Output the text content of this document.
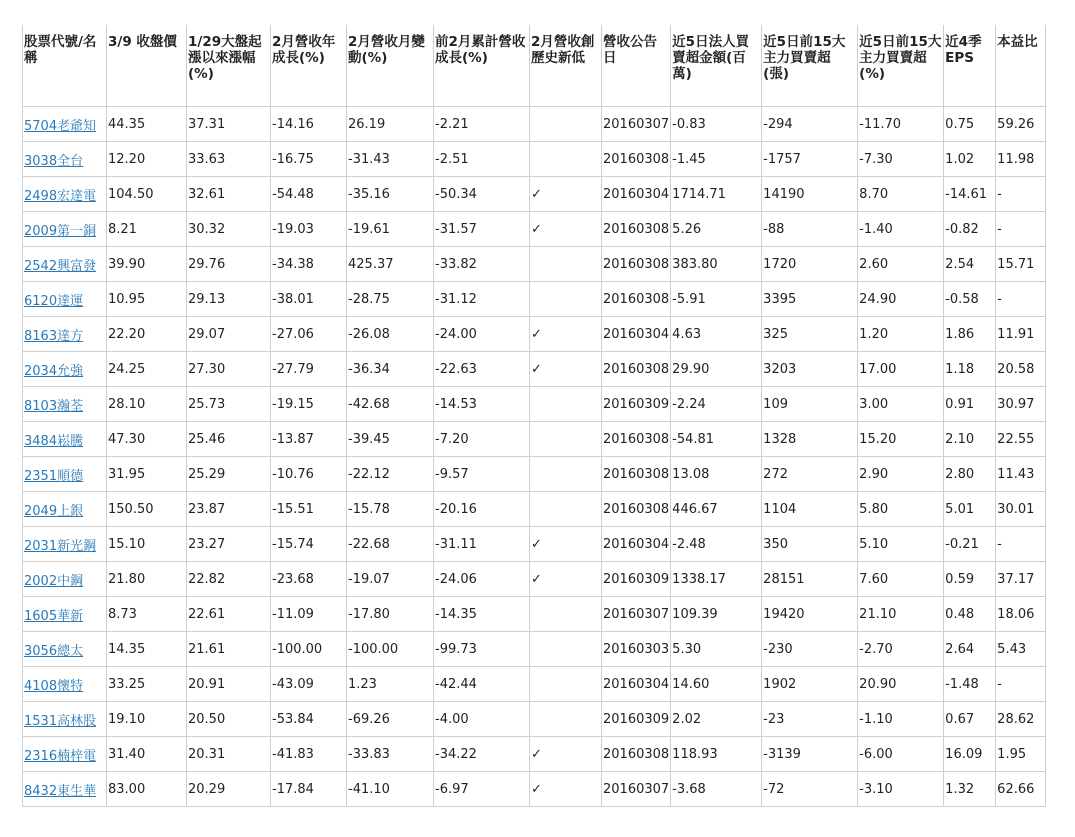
股票代號/名稱	3/9 收盤價	1/29大盤起漲以來漲幅(%)	2月營收年成長(%)	2月營收月變動(%)	前2月累計營收成長(%)	2月營收創歷史新低	營收公告日	近5日法人買賣超金額(百萬)	近5日前15大主力買賣超(張)	近5日前15大主力買賣超(%)	近4季EPS	本益比
5704老爺知	44.35	37.31	-14.16	26.19	-2.21		20160307	-0.83	-294	-11.70	0.75	59.26
3038全台	12.20	33.63	-16.75	-31.43	-2.51		20160308	-1.45	-1757	-7.30	1.02	11.98
2498宏達電	104.50	32.61	-54.48	-35.16	-50.34	✓	20160304	1714.71	14190	8.70	-14.61	-
2009第一銅	8.21	30.32	-19.03	-19.61	-31.57	✓	20160308	5.26	-88	-1.40	-0.82	-
2542興富發	39.90	29.76	-34.38	425.37	-33.82		20160308	383.80	1720	2.60	2.54	15.71
6120達運	10.95	29.13	-38.01	-28.75	-31.12		20160308	-5.91	3395	24.90	-0.58	-
8163達方	22.20	29.07	-27.06	-26.08	-24.00	✓	20160304	4.63	325	1.20	1.86	11.91
2034允強	24.25	27.30	-27.79	-36.34	-22.63	✓	20160308	29.90	3203	17.00	1.18	20.58
8103瀚荃	28.10	25.73	-19.15	-42.68	-14.53		20160309	-2.24	109	3.00	0.91	30.97
3484崧騰	47.30	25.46	-13.87	-39.45	-7.20		20160308	-54.81	1328	15.20	2.10	22.55
2351順德	31.95	25.29	-10.76	-22.12	-9.57		20160308	13.08	272	2.90	2.80	11.43
2049上銀	150.50	23.87	-15.51	-15.78	-20.16		20160308	446.67	1104	5.80	5.01	30.01
2031新光鋼	15.10	23.27	-15.74	-22.68	-31.11	✓	20160304	-2.48	350	5.10	-0.21	-
2002中鋼	21.80	22.82	-23.68	-19.07	-24.06	✓	20160309	1338.17	28151	7.60	0.59	37.17
1605華新	8.73	22.61	-11.09	-17.80	-14.35		20160307	109.39	19420	21.10	0.48	18.06
3056總太	14.35	21.61	-100.00	-100.00	-99.73		20160303	5.30	-230	-2.70	2.64	5.43
4108懷特	33.25	20.91	-43.09	1.23	-42.44		20160304	14.60	1902	20.90	-1.48	-
1531高林股	19.10	20.50	-53.84	-69.26	-4.00		20160309	2.02	-23	-1.10	0.67	28.62
2316楠梓電	31.40	20.31	-41.83	-33.83	-34.22	✓	20160308	118.93	-3139	-6.00	16.09	1.95
8432東生華	83.00	20.29	-17.84	-41.10	-6.97	✓	20160307	-3.68	-72	-3.10	1.32	62.66
